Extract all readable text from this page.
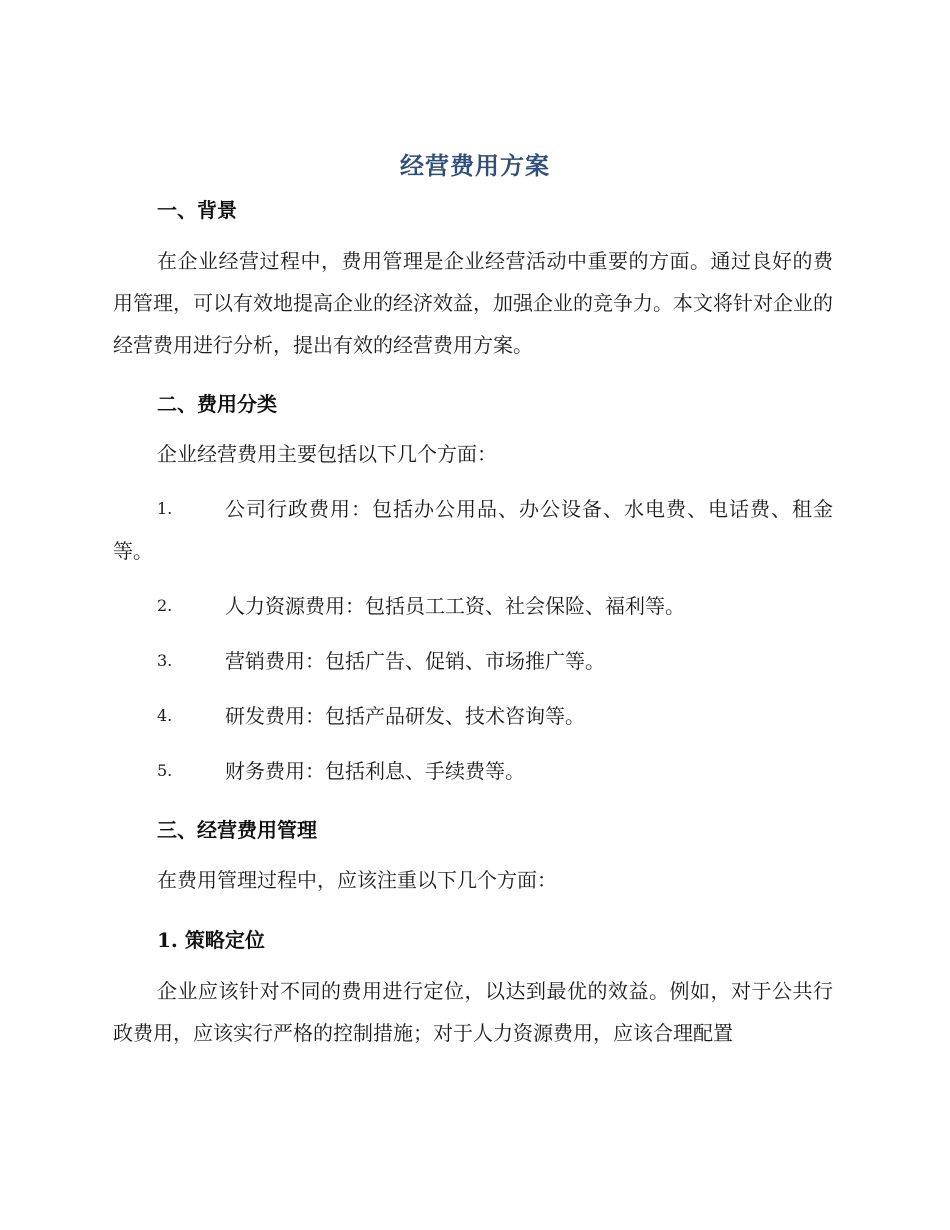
经营费用方案
一、背景
在企业经营过程中，费用管理是企业经营活动中重要的方面。通过良好的费用管理，可以有效地提高企业的经济效益，加强企业的竞争力。本文将针对企业的经营费用进行分析，提出有效的经营费用方案。
二、费用分类
企业经营费用主要包括以下几个方面：
1.	公司行政费用：包括办公用品、办公设备、水电费、电话费、租金等。
2.	人力资源费用：包括员工工资、社会保险、福利等。
3.	营销费用：包括广告、促销、市场推广等。
4.	研发费用：包括产品研发、技术咨询等。
5.	财务费用：包括利息、手续费等。
三、经营费用管理
在费用管理过程中，应该注重以下几个方面：
1. 策略定位
企业应该针对不同的费用进行定位，以达到最优的效益。例如，对于公共行政费用，应该实行严格的控制措施；对于人力资源费用，应该合理配置
